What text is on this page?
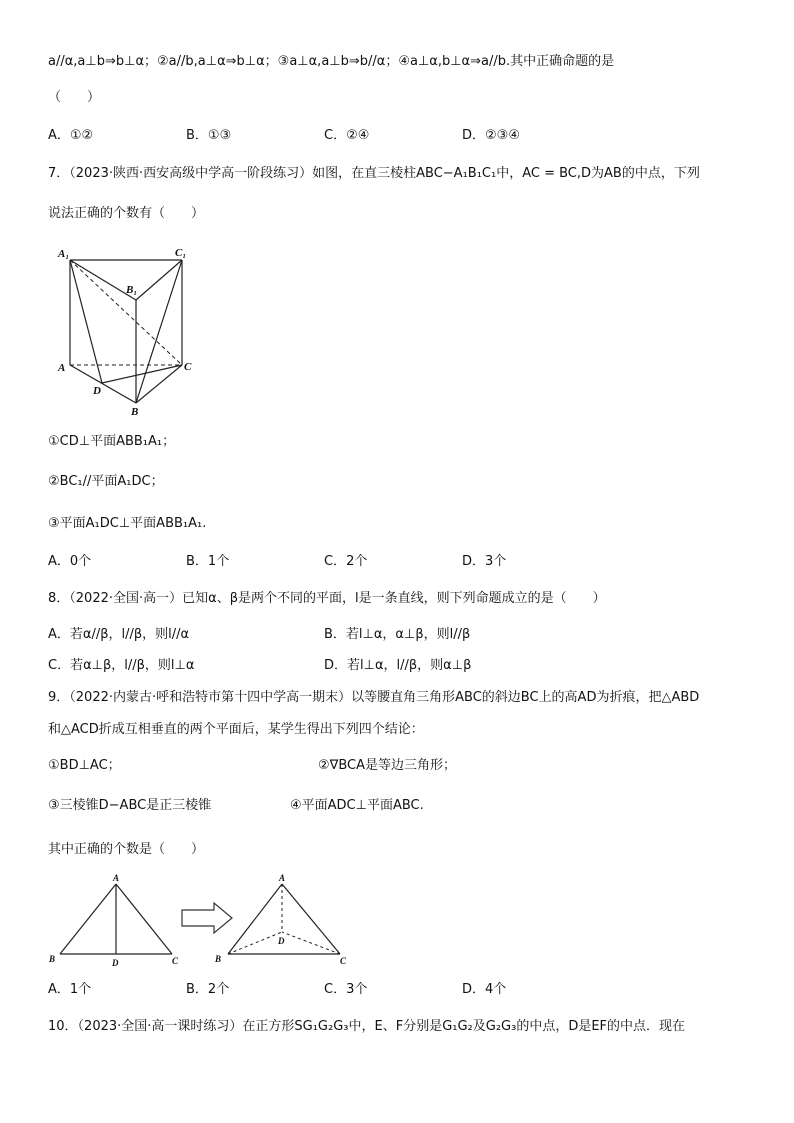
a//α,a⊥b⇒b⊥α；②a//b,a⊥α⇒b⊥α；③a⊥α,a⊥b⇒b//α；④a⊥α,b⊥α⇒a//b.其中正确命题的是
（　　）
A．①②	B．①③	C．②④	D．②③④
7．（2023·陕西·西安高级中学高一阶段练习）如图，在直三棱柱ABC−A₁B₁C₁中，AC = BC,D为AB的中点，下列
说法正确的个数有（　　）
A₁	C₁
B₁
A	C
D
B
①CD⊥平面ABB₁A₁；
②BC₁//平面A₁DC；
③平面A₁DC⊥平面ABB₁A₁.
A．0个	B．1个	C．2个	D．3个
8．（2022·全国·高一）已知α、β是两个不同的平面，l是一条直线，则下列命题成立的是（　　）
A．若α//β，l//β，则l//α	B．若l⊥α，α⊥β，则l//β
C．若α⊥β，l//β，则l⊥α	D．若l⊥α，l//β，则α⊥β
9．（2022·内蒙古·呼和浩特市第十四中学高一期末）以等腰直角三角形ABC的斜边BC上的高AD为折痕，把△ABD
和△ACD折成互相垂直的两个平面后，某学生得出下列四个结论：
①BD⊥AC；	②∇BCA是等边三角形；
③三棱锥D−ABC是正三棱锥	④平面ADC⊥平面ABC.
其中正确的个数是（　　）
A
B	D	C
A
B
D
C
A．1个	B．2个	C．3个	D．4个
10．（2023·全国·高一课时练习）在正方形SG₁G₂G₃中，E、F分别是G₁G₂及G₂G₃的中点，D是EF的中点．现在
